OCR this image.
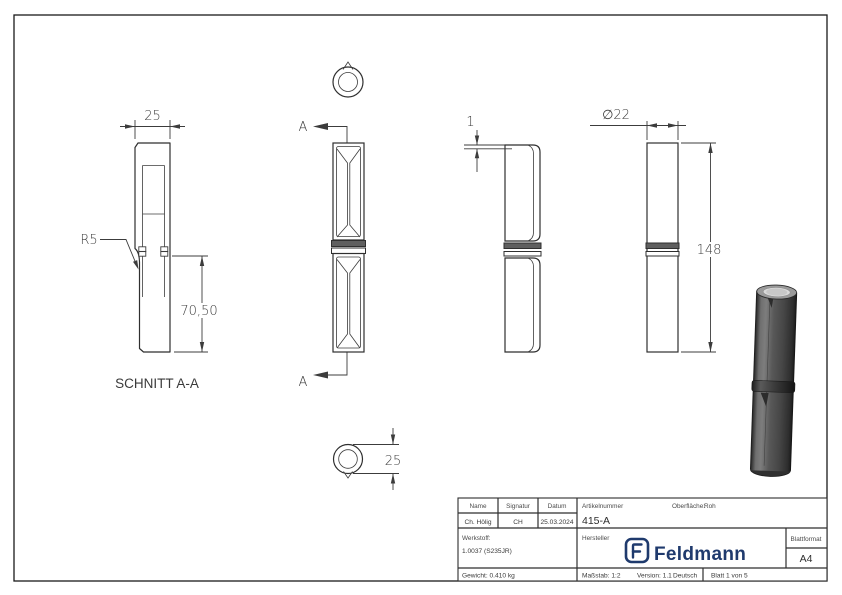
25
R5
70,50
SCHNITT A-A
A
A
25
1	∅22
148
Name	Signatur	Datum
Ch. Hölig	CH	25.03.2024
Artikelnummer
415-A
Oberfläche:
Roh
Werkstoff:
1.0037 (S235JR)
Gewicht: 0.410 kg
Hersteller
Feldmann
Blattformat
A4
Maßstab: 1:2	Version: 1.1 Deutsch Blatt 1 von 5
